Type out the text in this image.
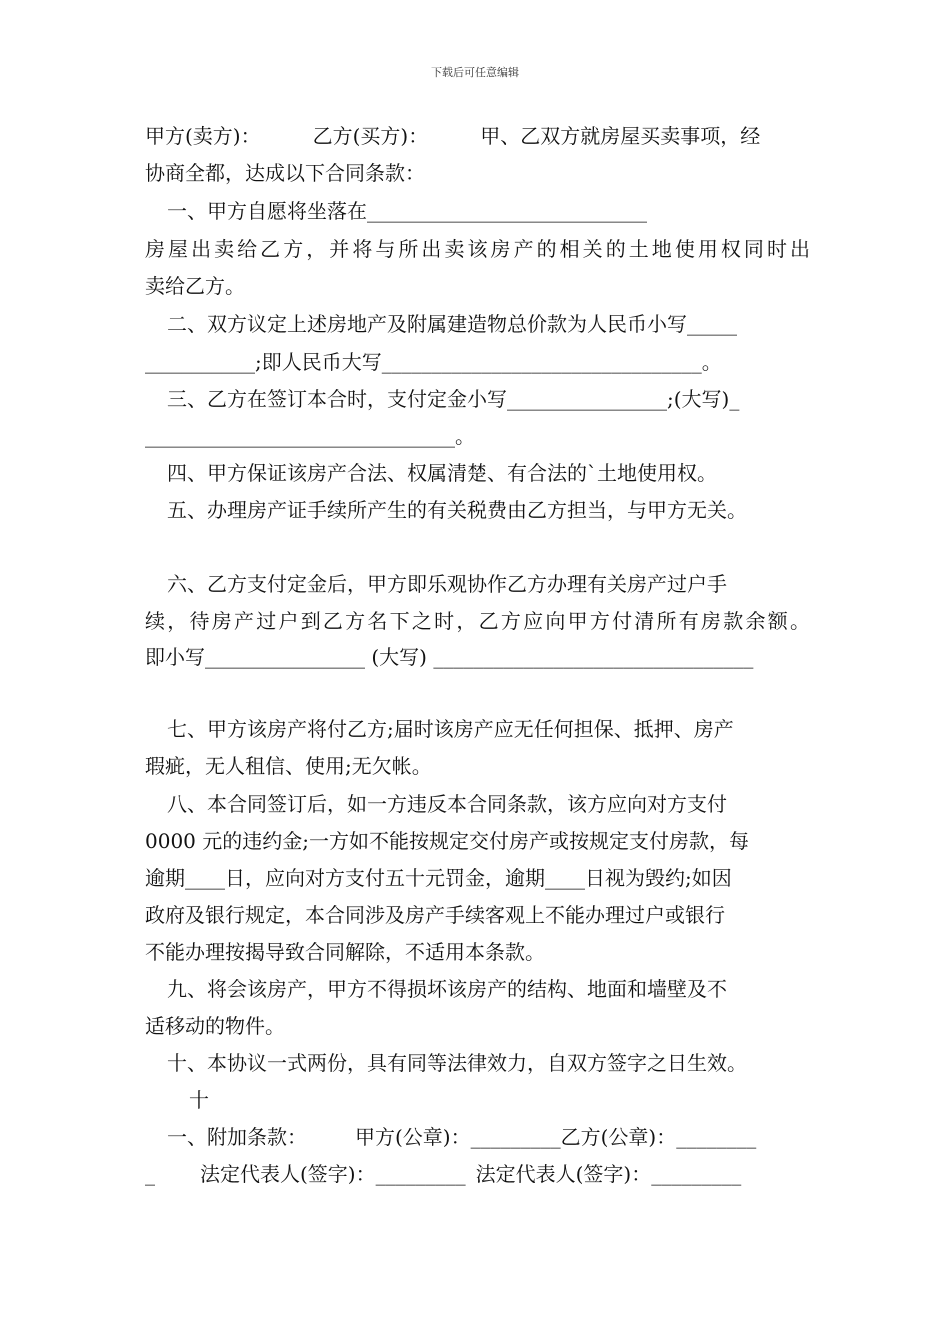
下载后可任意编辑
甲方(卖方)：	乙方(买方)：	甲、乙双方就房屋买卖事项，经
协商全都，达成以下合同条款：
一、甲方自愿将坐落在____________________________
房屋出卖给乙方，并将与所出卖该房产的相关的土地使用权同时出
卖给乙方。
二、双方议定上述房地产及附属建造物总价款为人民币小写_____
___________;即人民币大写________________________________。
三、乙方在签订本合时，支付定金小写________________;(大写)_
_______________________________。
四、甲方保证该房产合法、权属清楚、有合法的`土地使用权。
五、办理房产证手续所产生的有关税费由乙方担当，与甲方无关。
六、乙方支付定金后，甲方即乐观协作乙方办理有关房产过户手
续，待房产过户到乙方名下之时，乙方应向甲方付清所有房款余额。
即小写________________ (大写) ________________________________
七、甲方该房产将付乙方;届时该房产应无任何担保、抵押、房产
瑕疵，无人租信、使用;无欠帐。
八、本合同签订后，如一方违反本合同条款，该方应向对方支付
0000 元的违约金;一方如不能按规定交付房产或按规定支付房款，每
逾期____日，应向对方支付五十元罚金，逾期____日视为毁约;如因
政府及银行规定，本合同涉及房产手续客观上不能办理过户或银行
不能办理按揭导致合同解除，不适用本条款。
九、将会该房产，甲方不得损坏该房产的结构、地面和墙壁及不
适移动的物件。
十、本协议一式两份，具有同等法律效力，自双方签字之日生效。
十
一、附加条款： 甲方(公章)：_________乙方(公章)：________
_ 法定代表人(签字)：_________ 法定代表人(签字)：_________
